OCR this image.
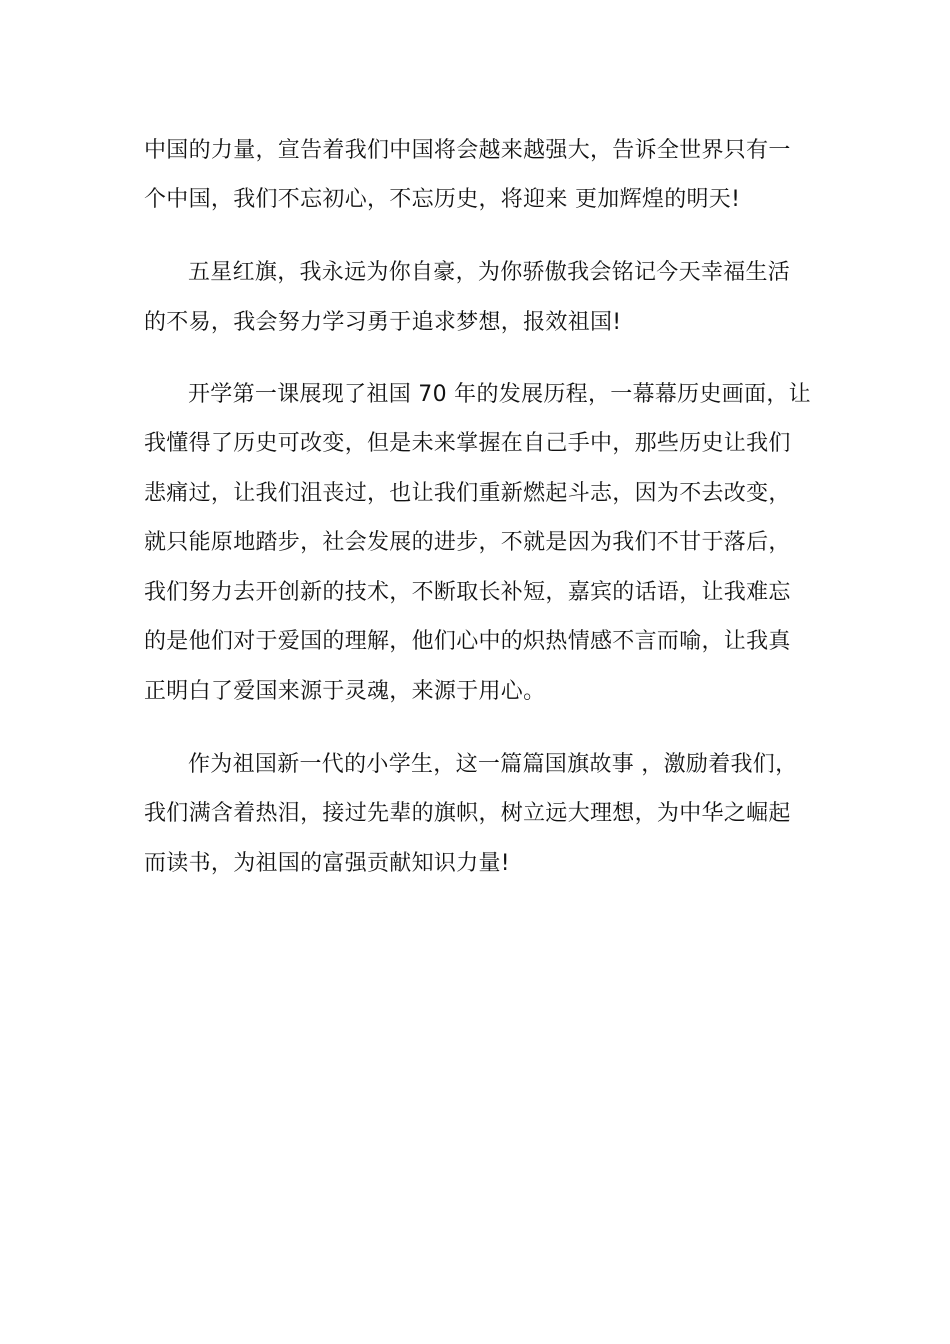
中国的力量，宣告着我们中国将会越来越强大，告诉全世界只有一
个中国，我们不忘初心，不忘历史，将迎来 更加辉煌的明天!
五星红旗，我永远为你自豪，为你骄傲我会铭记今天幸福生活
的不易，我会努力学习勇于追求梦想，报效祖国!
开学第一课展现了祖国 70 年的发展历程，一幕幕历史画面，让
我懂得了历史可改变，但是未来掌握在自己手中，那些历史让我们
悲痛过，让我们沮丧过，也让我们重新燃起斗志，因为不去改变，
就只能原地踏步，社会发展的进步，不就是因为我们不甘于落后，
我们努力去开创新的技术，不断取长补短，嘉宾的话语，让我难忘
的是他们对于爱国的理解，他们心中的炽热情感不言而喻，让我真
正明白了爱国来源于灵魂，来源于用心。
作为祖国新一代的小学生，这一篇篇国旗故事 ，激励着我们，
我们满含着热泪，接过先辈的旗帜，树立远大理想，为中华之崛起
而读书，为祖国的富强贡献知识力量!
